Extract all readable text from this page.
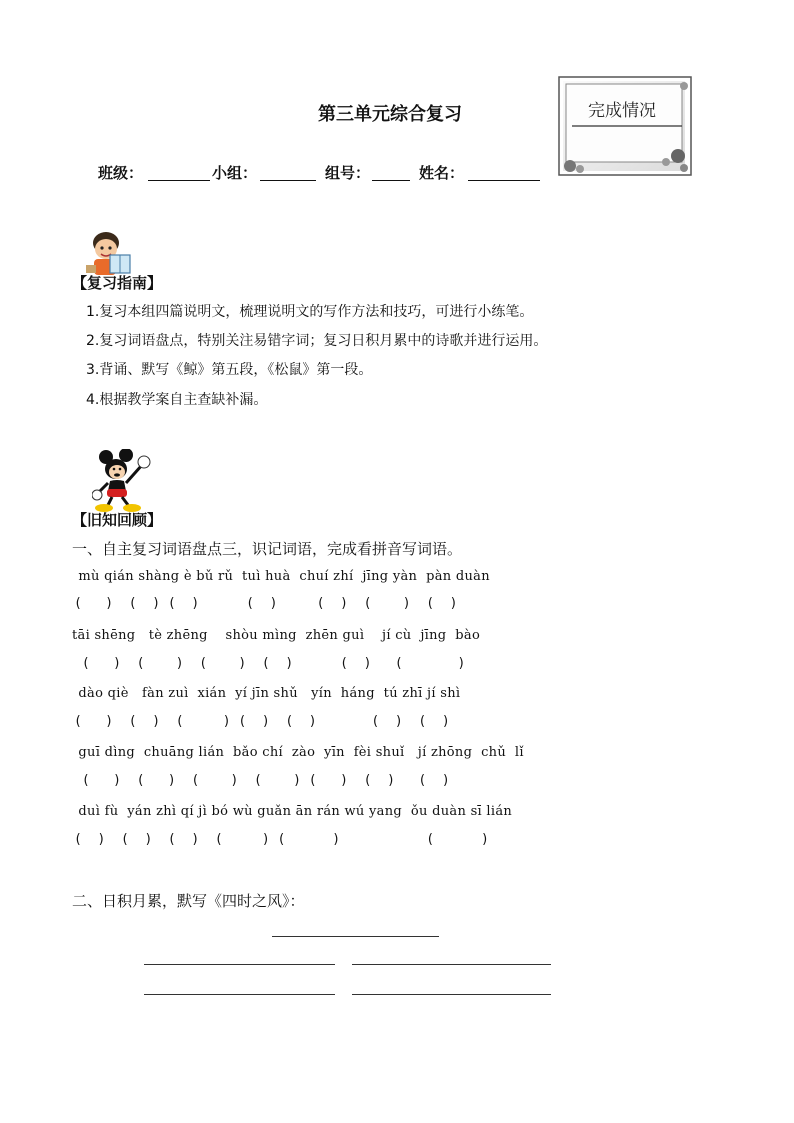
第三单元综合复习	完成情况
班级：	小组：	组号：	姓名：

【复习指南】
1.复习本组四篇说明文，梳理说明文的写作方法和技巧，可进行小练笔。
2.复习词语盘点，特别关注易错字词；复习日积月累中的诗歌并进行运用。
3.背诵、默写《鲸》第五段，《松鼠》第一段。
4.根据教学案自主查缺补漏。

【旧知回顾】
一、自主复习词语盘点三，识记词语，完成看拼音写词语。
mù qián shàng è bǔ rǔ  tuì huà  chuí zhí  jīng yàn  pàn duàn
(   )  (  ) (  )      (  )     (  )  (    )  (  )
tāi shēng   tè zhēng    shòu mìng  zhēn guì    jí cù  jīng  bào
(   )  (    )  (    )  (  )      (  )   (       )
dào qiè   fàn zuì  xián  yí jīn shǔ   yín  háng  tú zhī jí shì
(   )  (  )  (     ) (  )  (  )       (  )  (  )
guī dìng  chuāng lián  bǎo chí  zào  yīn  fèi shuǐ   jí zhōng  chǔ  lǐ
(   )  (   )  (    )  (    ) (   )  (  )   (  )
duì fù  yán zhì qí jì bó wù guǎn ān rán wú yang  ǒu duàn sī lián
(  )  (  )  (  )  (     ) (      )           (      )
二、日积月累，默写《四时之风》：
